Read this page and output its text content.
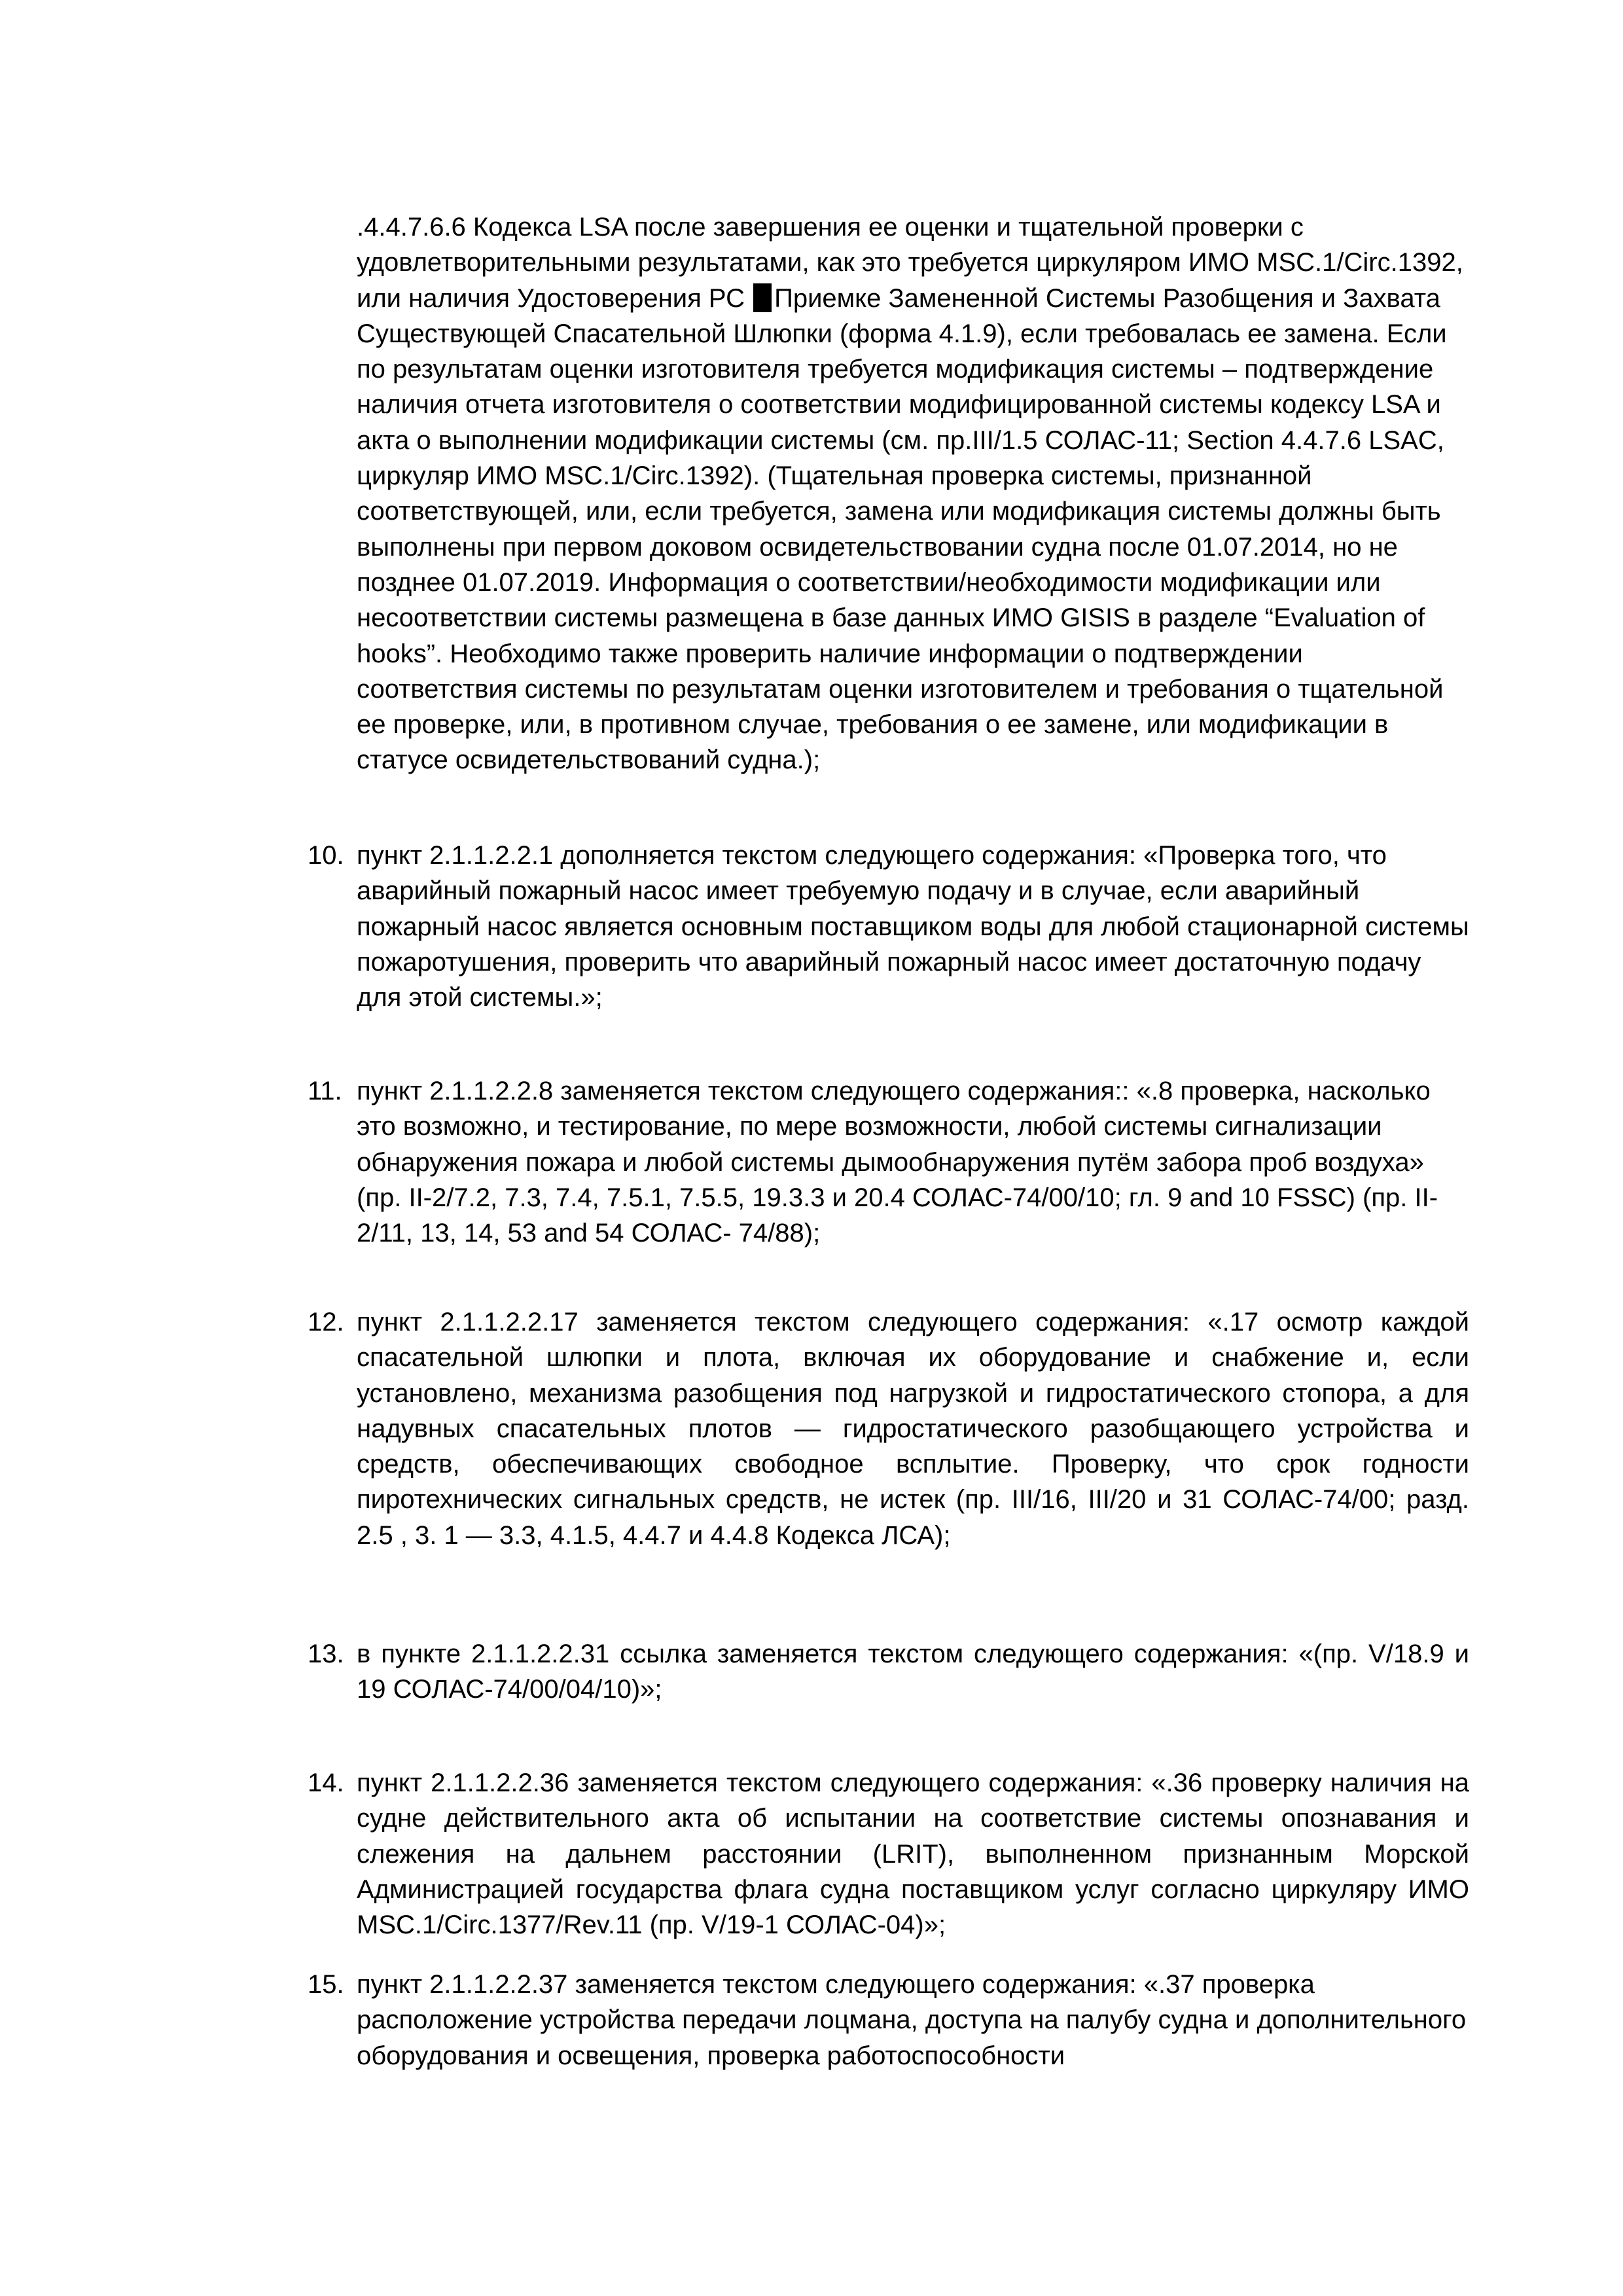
.4.4.7.6.6 Кодекса LSA после завершения ее оценки и тщательной проверки с удовлетворительными результатами, как это требуется циркуляром ИМО MSC.1/Circ.1392, или наличия Удостоверения РС Приемке Замененной Системы Разобщения и Захвата Существующей Спасательной Шлюпки (форма 4.1.9), если требовалась ее замена. Если по результатам оценки изготовителя требуется модификация системы – подтверждение наличия отчета изготовителя о соответствии модифицированной системы кодексу LSA и акта о выполнении модификации системы (см. пр.III/1.5 СОЛАС-11; Section 4.4.7.6 LSAC, циркуляр ИМО MSC.1/Circ.1392). (Тщательная проверка системы, признанной соответствующей, или, если требуется, замена или модификация системы должны быть выполнены при первом доковом освидетельствовании судна после 01.07.2014, но не позднее 01.07.2019. Информация о соответствии/необходимости модификации или несоответствии системы размещена в базе данных ИМО GISIS в разделе “Evaluation of hooks”. Необходимо также проверить наличие информации о подтверждении соответствия системы по результатам оценки изготовителем и требования о тщательной ее проверке, или, в противном случае, требования о ее замене, или модификации в статусе освидетельствований судна.);
10. пункт 2.1.1.2.2.1 дополняется текстом следующего содержания: «Проверка того, что аварийный пожарный насос имеет требуемую подачу и в случае, если аварийный пожарный насос является основным поставщиком воды для любой стационарной системы пожаротушения, проверить что аварийный пожарный насос имеет достаточную подачу для этой системы.»;
11. пункт 2.1.1.2.2.8 заменяется текстом следующего содержания:: «.8 проверка, насколько это возможно, и тестирование, по мере возможности, любой системы сигнализации обнаружения пожара и любой системы дымообнаружения путём забора проб воздуха» (пр. II-2/7.2, 7.3, 7.4, 7.5.1, 7.5.5, 19.3.3 и 20.4 СОЛАС-74/00/10; гл. 9 and 10 FSSC) (пр. II-2/11, 13, 14, 53 and 54 СОЛАС- 74/88);
12. пункт 2.1.1.2.2.17 заменяется текстом следующего содержания: «.17 осмотр каждой спасательной шлюпки и плота, включая их оборудование и снабжение и, если установлено, механизма разобщения под нагрузкой и гидростатического стопора, а для надувных спасательных плотов — гидростатического разобщающего устройства и средств, обеспечивающих свободное всплытие. Проверку, что срок годности пиротехнических сигнальных средств, не истек (пр. III/16, III/20 и 31 СОЛАС-74/00; разд. 2.5 , 3. 1 — 3.3, 4.1.5, 4.4.7 и 4.4.8 Кодекса ЛСА);
13. в пункте 2.1.1.2.2.31 ссылка заменяется текстом следующего содержания: «(пр. V/18.9 и 19 СОЛАС-74/00/04/10)»;
14. пункт 2.1.1.2.2.36 заменяется текстом следующего содержания: «.36 проверку наличия на судне действительного акта об испытании на соответствие системы опознавания и слежения на дальнем расстоянии (LRIT), выполненном признанным Морской Администрацией государства флага судна поставщиком услуг согласно циркуляру ИМО MSC.1/Circ.1377/Rev.11 (пр. V/19-1 СОЛАС-04)»;
15. пункт 2.1.1.2.2.37 заменяется текстом следующего содержания: «.37 проверка расположение устройства передачи лоцмана, доступа на палубу судна и дополнительного оборудования и освещения, проверка работоспособности
